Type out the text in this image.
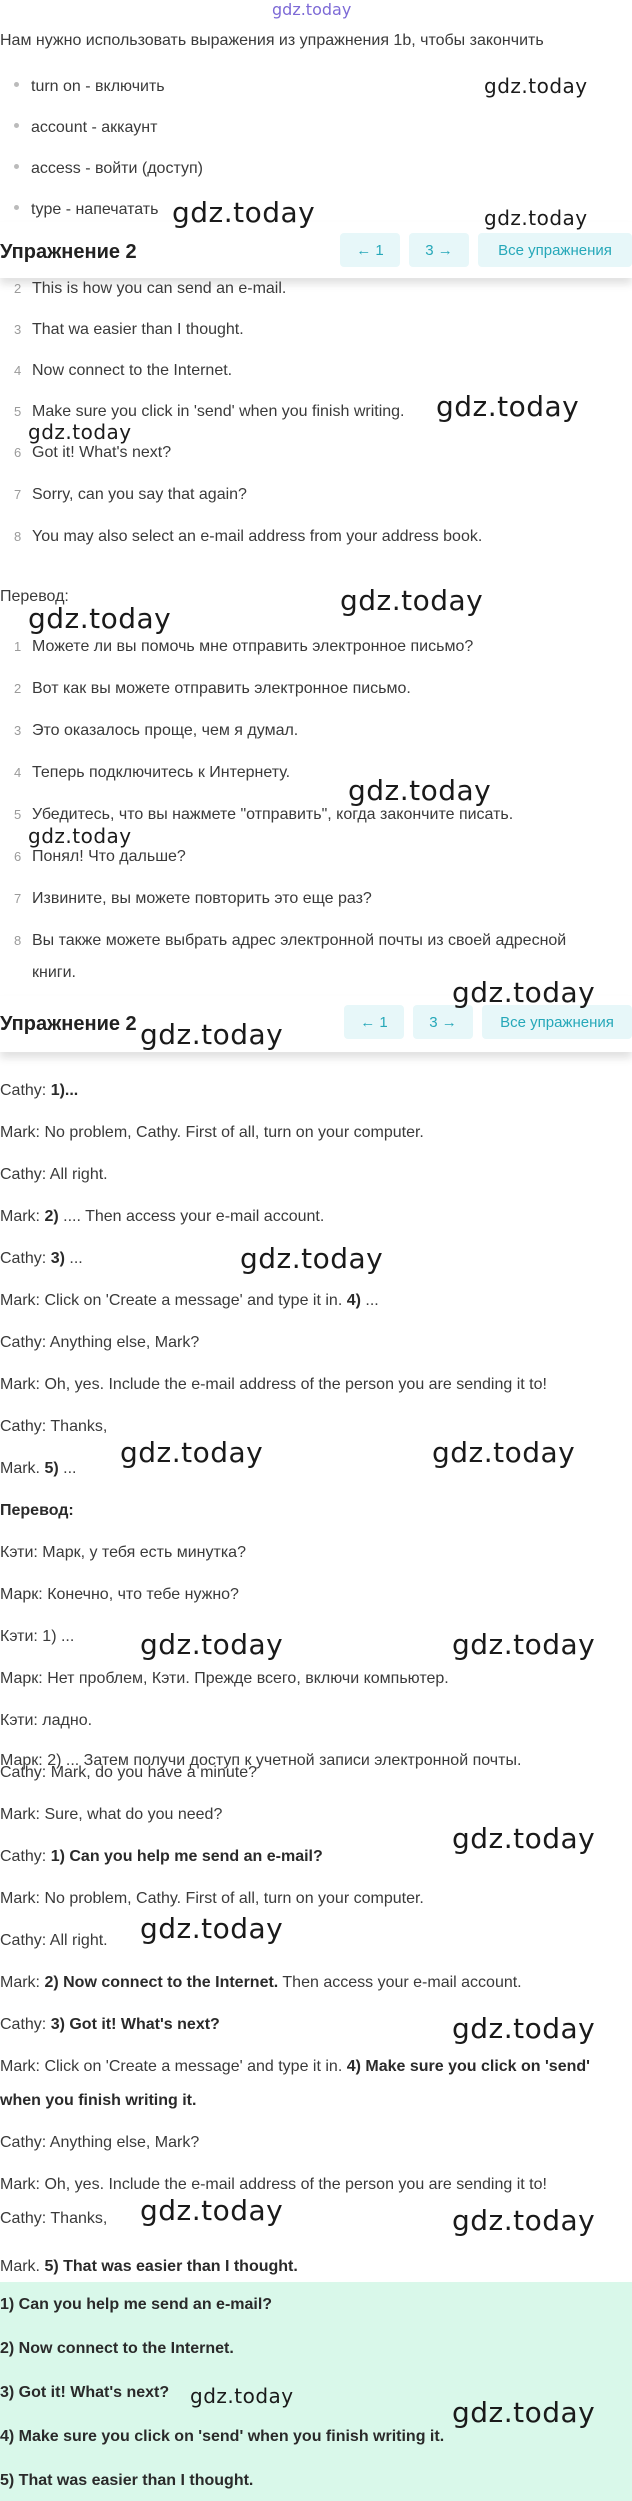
gdz.today
Нам нужно использовать выражения из упражнения 1b, чтобы закончить
turn on - включить
account - аккаунт
access - войти (доступ)
type - напечатать
Упражнение 2	← 1	3 →	Все упражнения
2 This is how you can send an e-mail.
3 That wa easier than I thought.
4 Now connect to the Internet.
5 Make sure you click in 'send' when you finish writing.
6 Got it! What's next?
7 Sorry, can you say that again?
8 You may also select an e-mail address from your address book.
Перевод:
1 Можете ли вы помочь мне отправить электронное письмо?
2 Вот как вы можете отправить электронное письмо.
3 Это оказалось проще, чем я думал.
4 Теперь подключитесь к Интернету.
5 Убедитесь, что вы нажмете "отправить", когда закончите писать.
6 Понял! Что дальше?
7 Извините, вы можете повторить это еще раз?
8 Вы также можете выбрать адрес электронной почты из своей адресной
книги.
Упражнение 2	← 1	3 →	Все упражнения
Cathy: 1)...
Mark: No problem, Cathy. First of all, turn on your computer.
Cathy: All right.
Mark: 2) .... Then access your e-mail account.
Cathy: 3) ...
Mark: Click on 'Create a message' and type it in. 4) ...
Cathy: Anything else, Mark?
Mark: Oh, yes. Include the e-mail address of the person you are sending it to!
Cathy: Thanks,
Mark. 5) ...
Перевод:
Кэти: Марк, у тебя есть минутка?
Марк: Конечно, что тебе нужно?
Кэти: 1) ...
Марк: Нет проблем, Кэти. Прежде всего, включи компьютер.
Кэти: ладно.
Марк: 2) ... Затем получи доступ к учетной записи электронной почты.
Cathy: Mark, do you have a minute?
Mark: Sure, what do you need?
Cathy: 1) Can you help me send an e-mail?
Mark: No problem, Cathy. First of all, turn on your computer.
Cathy: All right.
Mark: 2) Now connect to the Internet. Then access your e-mail account.
Cathy: 3) Got it! What's next?
Mark: Click on 'Create a message' and type it in. 4) Make sure you click on 'send'
when you finish writing it.
Cathy: Anything else, Mark?
Mark: Oh, yes. Include the e-mail address of the person you are sending it to!
Cathy: Thanks,
Mark. 5) That was easier than I thought.
1) Can you help me send an e-mail?
2) Now connect to the Internet.
3) Got it! What's next?
4) Make sure you click on 'send' when you finish writing it.
5) That was easier than I thought.
gdz.today
gdz.today	gdz.today
gdz.today
gdz.today
gdz.today
gdz.today
gdz.today
gdz.today
gdz.today
gdz.today
gdz.today
gdz.today	gdz.today
gdz.today	gdz.today
gdz.today
gdz.today
gdz.today
gdz.today	gdz.today
gdz.today	gdz.today
